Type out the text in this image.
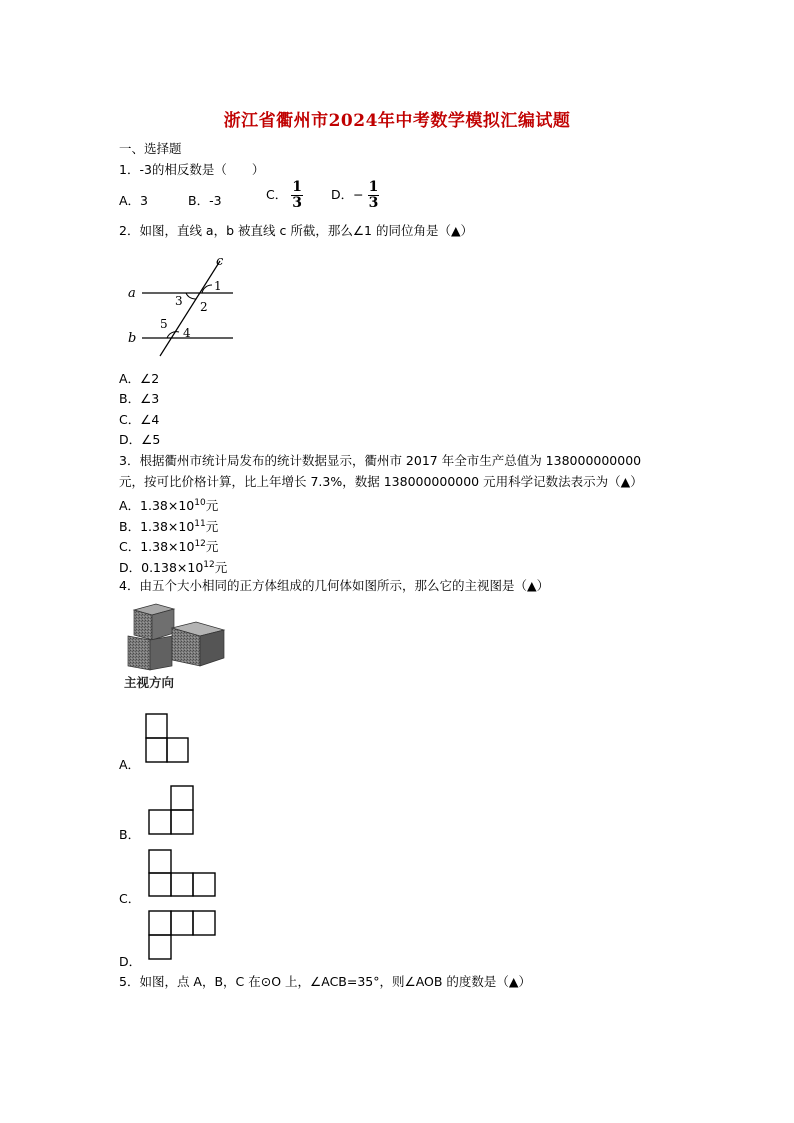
浙江省衢州市2024年中考数学模拟汇编试题
一、选择题
1．-3的相反数是（　　）
A．3	B．-3	C． $\frac{1}{3}$ D．− $\frac{1}{3}$
2．如图，直线 a，b 被直线 c 所截，那么∠1 的同位角是（▲）
c
a
b
1
2
3
4
5
A．∠2
B．∠3
C．∠4
D．∠5
3．根据衢州市统计局发布的统计数据显示，衢州市 2017 年全市生产总值为 138000000000
元，按可比价格计算，比上年增长 7.3%，数据 138000000000 元用科学记数法表示为（▲）
A．$1.38\times 10^{10}$元
B．$1.38\times 10^{11}$元
C．$1.38\times 10^{12}$元
D．$0.138\times 10^{12}$元
4．由五个大小相同的正方体组成的几何体如图所示，那么它的主视图是（▲）
主视方向
A．
B．
C．
D．
5．如图，点 A，B，C 在⊙O 上，∠ACB=35°，则∠AOB 的度数是（▲）
